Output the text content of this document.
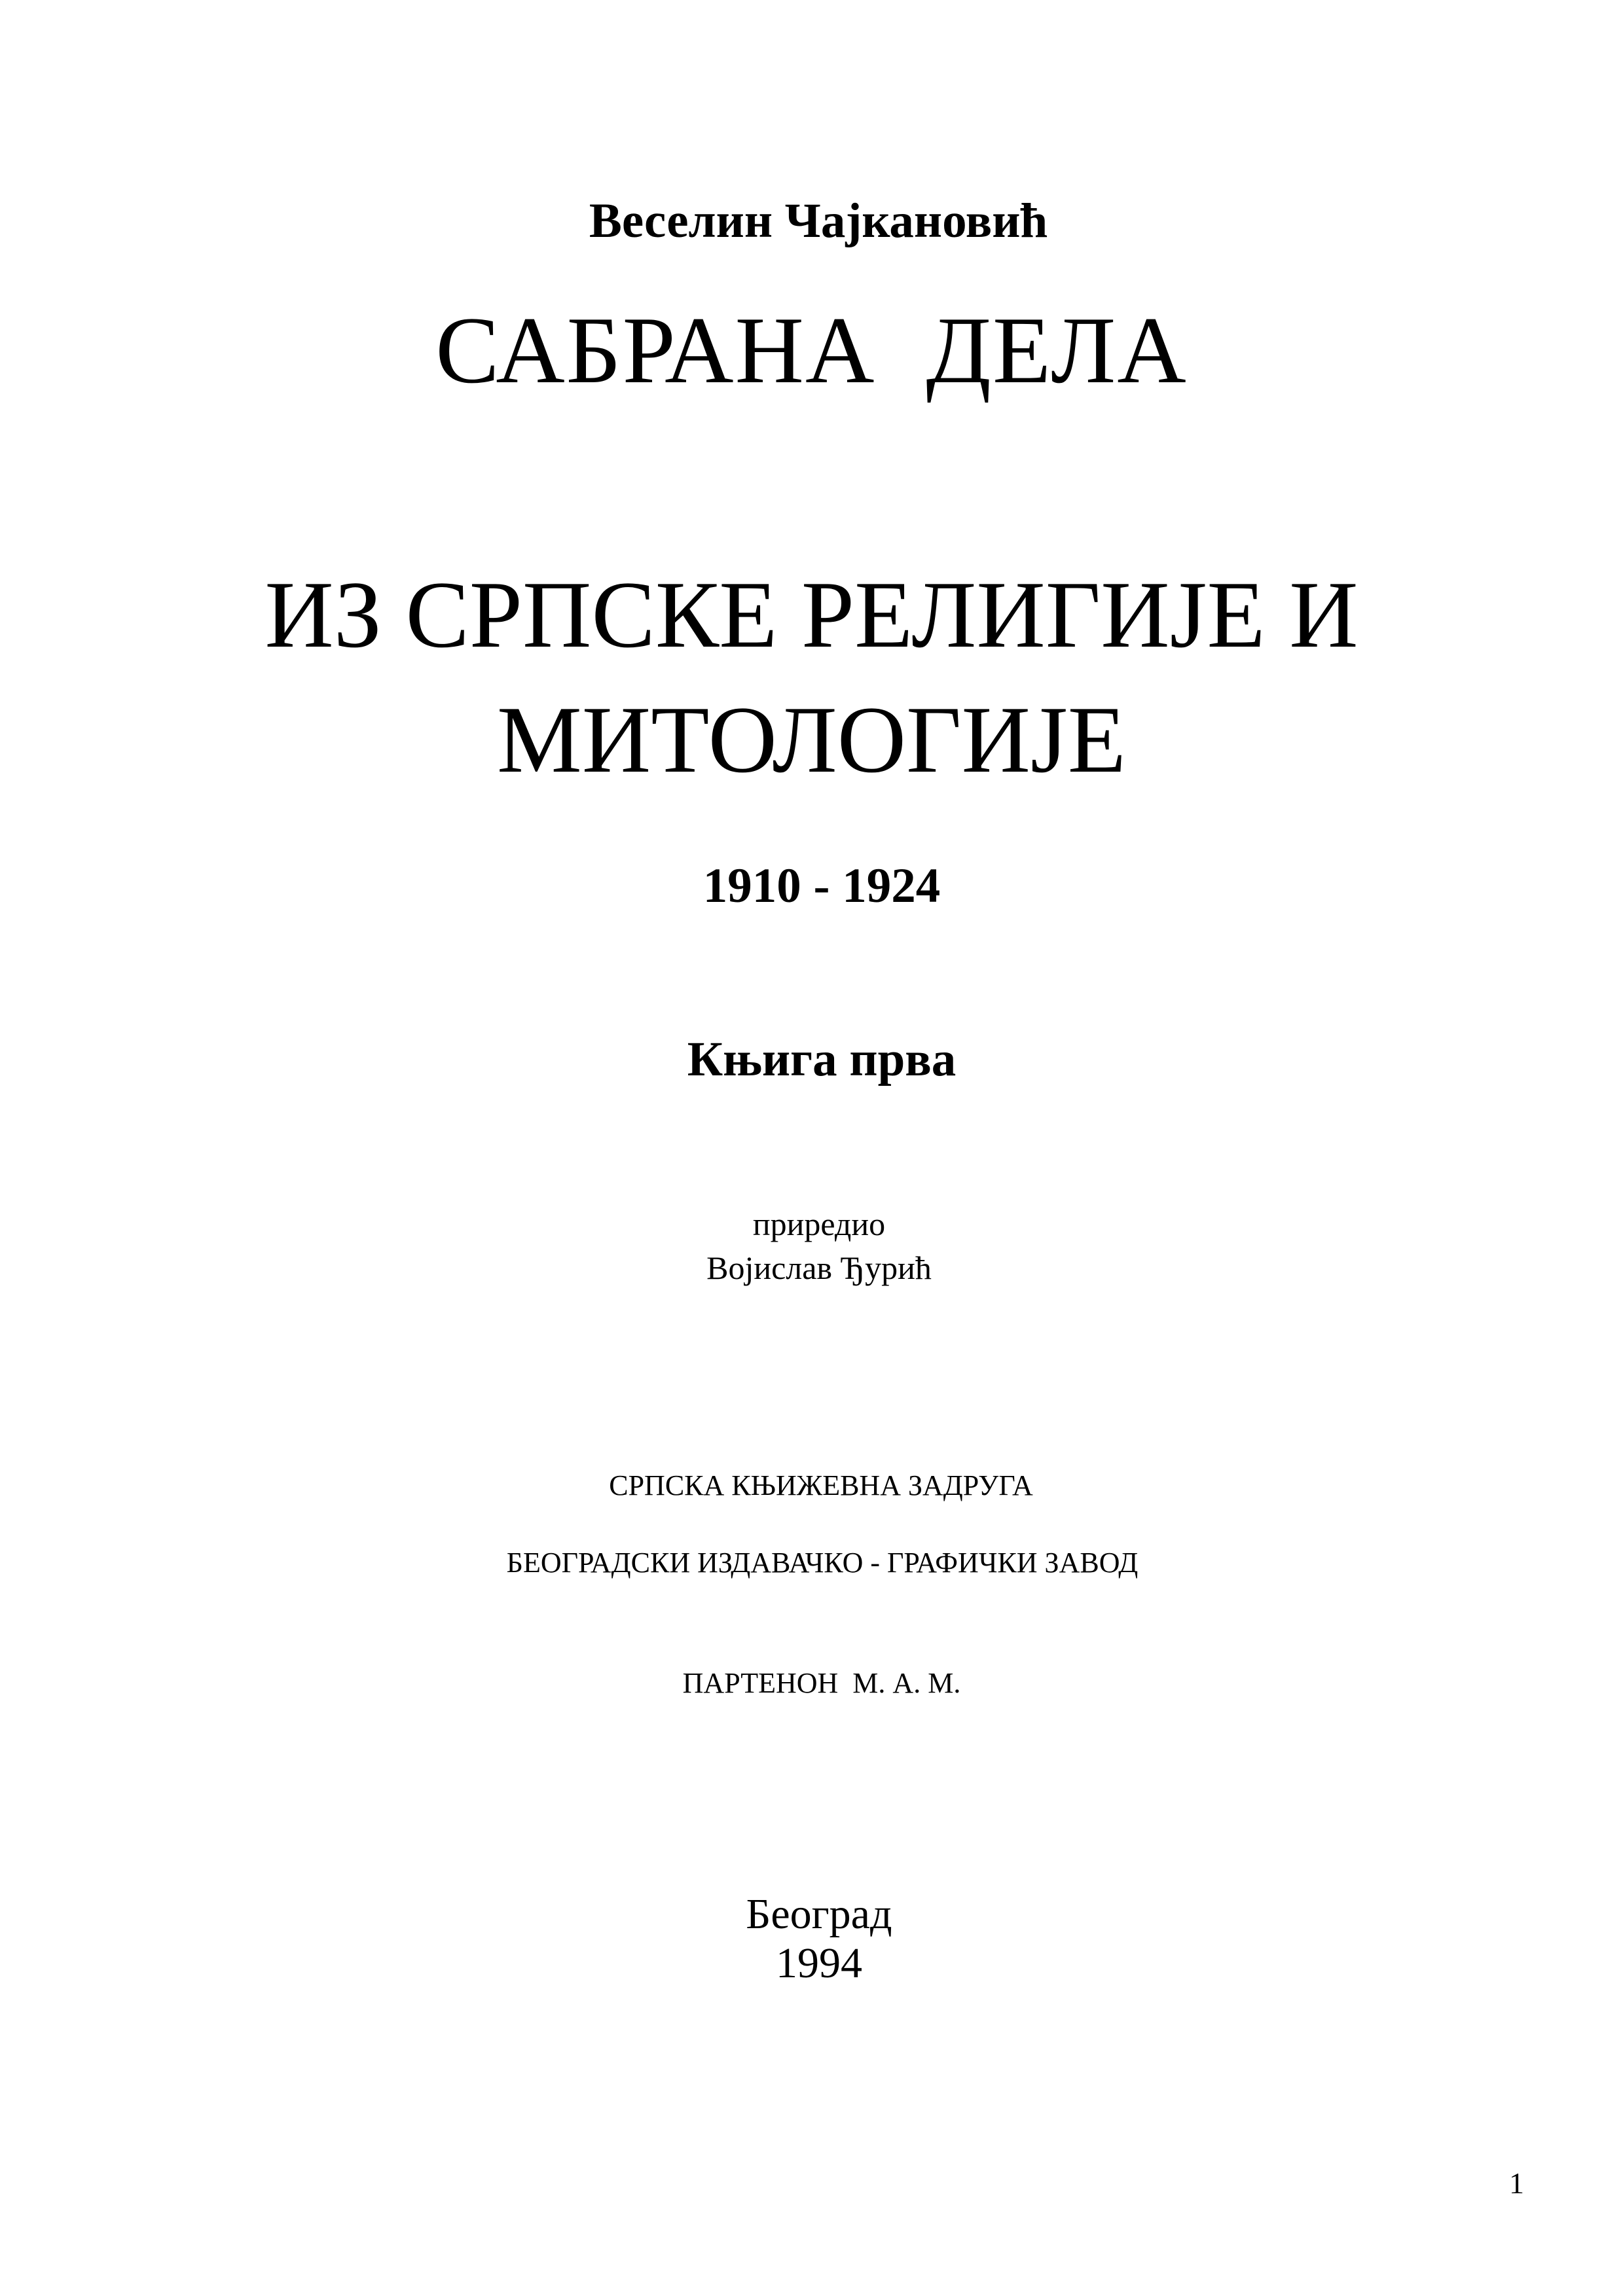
Веселин Чајкановић
САБРАНА  ДЕЛА
ИЗ СРПСКЕ РЕЛИГИЈЕ И
МИТОЛОГИЈЕ
1910 - 1924
Књига прва
приредио
Војислав Ђурић
СРПСКА КЊИЖЕВНА ЗАДРУГА
БЕОГРАДСКИ ИЗДАВАЧКО - ГРАФИЧКИ ЗАВОД
ПАРТЕНОН  М. А. М.
Београд
1994
1
